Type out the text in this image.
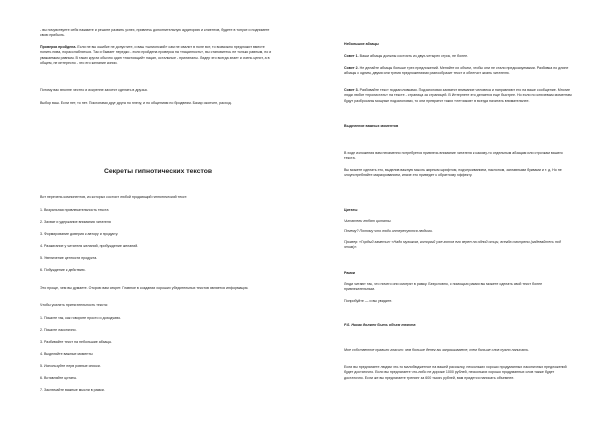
- вы почувствуете себя нажмите и решите развить успех, привлечь дополнительную аудиторию и клиентов, будете в тонусе и поднимете свою прибыль.

Проверка пройдена. Если не вы ошибке не допустите, и ваш «шпионский» сам не свалит в поле вот, то возможно предложит вместе попить пива, порасслабляться. Так и бывает нередко - если пройдена проверка на «пацанность», вы становитесь не только равным, но и уважаемым равным. В таких кругах обычно один «настоящий» пацан, остальные - прилипалы. Лидер это всегда знает и очень ценит, а в общем, не интересно - это его желание копии.

Потому вас вполне честно и искренне захотят сделать в друзья.

Выбор ваш. Если нет, то нет. Поклонами друг друга по плечу, и по общениям по бродвеям. Базар окончен, расход.

Секреты гипнотических текстов

Вот перечень компонентов, из которых состоит любой продающий гипнотический текст:

1. Визуальная привлекательность текста

2. Захват и удержание внимания читателя

3. Формирование доверия к автору и продукту.

4. Разжигание у читателя желаний, пробуждение желаний.

5. Увеличение ценности продукта.

6. Побуждение к действию.

Это проще, чем вы думаете. Открою вам секрет. Главное в создании хороших убедительных текстов является информация.

Чтобы усилить притягательность текста:

1. Пишите так, как говорите просто и доходчиво.

2. Пишите лаконично.

3. Разбивайте текст на небольшие абзацы.

4. Выделяйте важные моменты

5. Используйте нерв ровные списки.

6. Вставляйте цитаты.

7. Заключайте важные мысли в рамки.

Небольшие абзацы

Совет 1. Ваши абзацы должны состоять из двух-четырех строк, не более.

Совет 2. Не делайте абзацы больше трех предложений. Меняйте их объем, чтобы они не стали предсказуемыми. Разбивка по длине абзацы с одним, двумя или тремя предложениями разнообразит текст и облегчит жизнь читателю.

Совет 3. Разбивайте текст подзаголовками. Подзаголовки захватят внимание человека и направляют его на ваше сообщение. Многие люди любят «пролистать» на тексте - страница за страницей. В Интернете это делается еще быстрее. Но если по ключевым моментам будут разбросаны мощные подзаголовки, то они превратят таких «летчиков» в всегда начитать внимательнее.

Выделение важных моментов

В ходе изложения вам неизменно потребуется привлечь внимание читателя к какому-то отдельным абзацам или строчкам вашего текста.

Вы можете сделать это, выделив важную мысль жирным шрифтом, подчеркиванием, наклоном, заглавными буквами и т. д. Но не злоупотребляйте маркированием, иначе это приведет к обратному эффекту.

Цитаты

Читатели любят цитаты.

Почему? Потому что люди интересуются людьми.

Пример: «Гордый заметил: «Надо мужиком, который уже готов его верен на одной отцы, всегда смотрели (задевайтесь под этим)».

Рамки

Люди читают так, что ничего они смотрят в рамку. Безусловно, с помощью рамки вы можете сделать свой текст более привлекательным.

Попробуйте — и вы увидите.

P.S. Никак должен быть объем текста

Мое собственное правило гласит: чем больше денег вы запрашиваете, тем больше слов нужно написать.

Если вы предлагаете людям что-то малобюджетное на вашей рассылку, нескольких хорошо продуманных лаконичных предложений будет достаточно. Если вы предлагаете что-либо не дороже 1000 рублей, нескольких хорошо продуманных слов также будет достаточно. Если же вы предлагаете тренинг за 600 тысяч рублей, вам придется написать объемнее.
